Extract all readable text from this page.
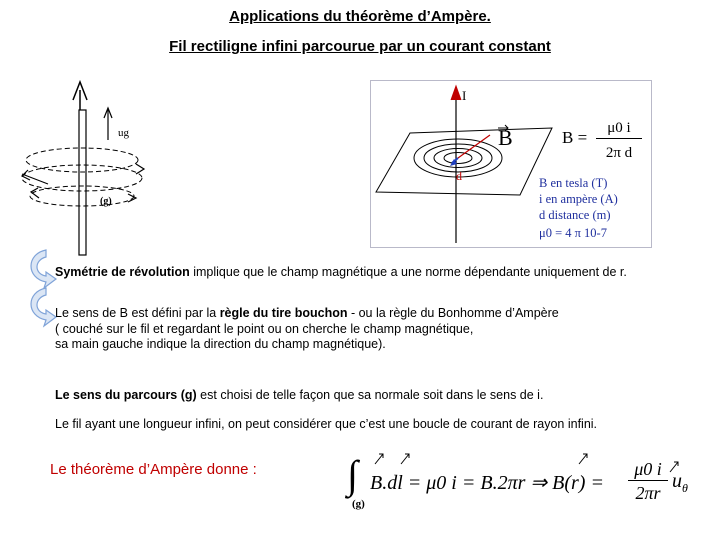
Applications du théorème d’Ampère.
Fil rectiligne infini parcourue par un courant constant
ug
(g)
I
d
B	B =	μ0 i
2π d
B en tesla (T)
i en ampère (A)
d distance (m)
μ0 = 4 π 10-7
Symétrie de révolution implique que le champ magnétique a une norme dépendante uniquement de r.
Le sens de B est défini par la règle du tire bouchon - ou la règle du Bonhomme d’Ampère
( couché sur le fil et regardant le point ou on cherche le champ magnétique,
sa main gauche indique la direction du champ magnétique).
Le sens du parcours (g) est choisi de telle façon que sa normale soit dans le sens de i.
Le fil ayant une longueur infini, on peut considérer que c’est une boucle de courant de rayon infini.
Le théorème d’Ampère donne : ∫
(g)
B.dl = μ0 i = B.2πr ⇒ B(r) =
μ0 i
2πr
$u_\theta$
